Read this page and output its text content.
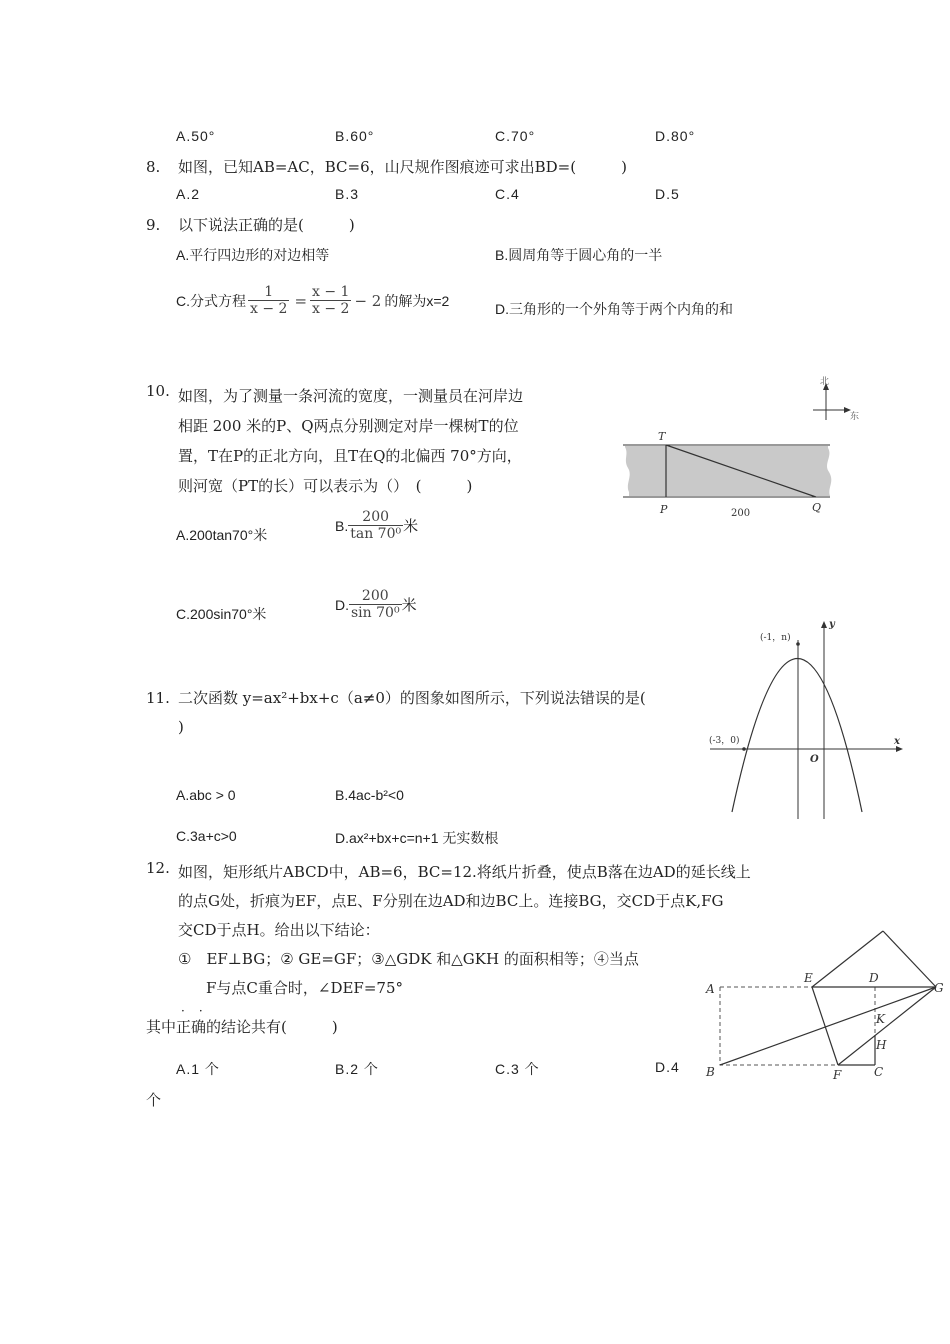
A.50°	B.60°	C.70°	D.80°
8. 如图，已知AB=AC，BC=6，山尺规作图痕迹可求出BD=(　　　)
A.2	B.3	C.4	D.5
9. 以下说法正确的是(　　　)
A.平行四边形的对边相等	B.圆周角等于圆心角的一半
C.分式方程 $\frac{1}{x - 2} = \frac{x - 1}{x - 2} - 2$ 的解为x=2
D.三角形的一个外角等于两个内角的和
10. 如图，为了测量一条河流的宽度，一测量员在河岸边
相距 200 米的P、Q两点分别测定对岸一棵树T的位
置，T在P的正北方向，且T在Q的北偏西 70°方向，
则河宽（PT的长）可以表示为（）　(　　　)
A.200tan70°米
B. $\frac{200}{\text{tan 70⁰}}$ 米
C.200sin70°米
D. $\frac{200}{\text{sin 70⁰}}$ 米
北
东
T
P	Q
200
11. 二次函数 y=ax²+bx+c（a≠0）的图象如图所示，下列说法错误的是(
)
A.abc > 0	B.4ac-b²<0
C.3a+c>0	D.ax²+bx+c=n+1 无实数根
(-1，n)
(-3，0)
O
x
y
12. 如图，矩形纸片ABCD中，AB=6，BC=12.将纸片折叠，使点B落在边AD的延长线上
的点G处，折痕为EF，点E、F分别在边AD和边BC上。连接BG，交CD于点K,FG
交CD于点H。给出以下结论：
①　EF⊥BG；② GE=GF；③△GDK 和△GKH 的面积相等；④当点
F与点C重合时，∠DEF=75°
其中正确的结论共有(　　　)
··
A.1 个	B.2 个	C.3 个	D.4
个
A
B	C
D
E
F
G
H
K
